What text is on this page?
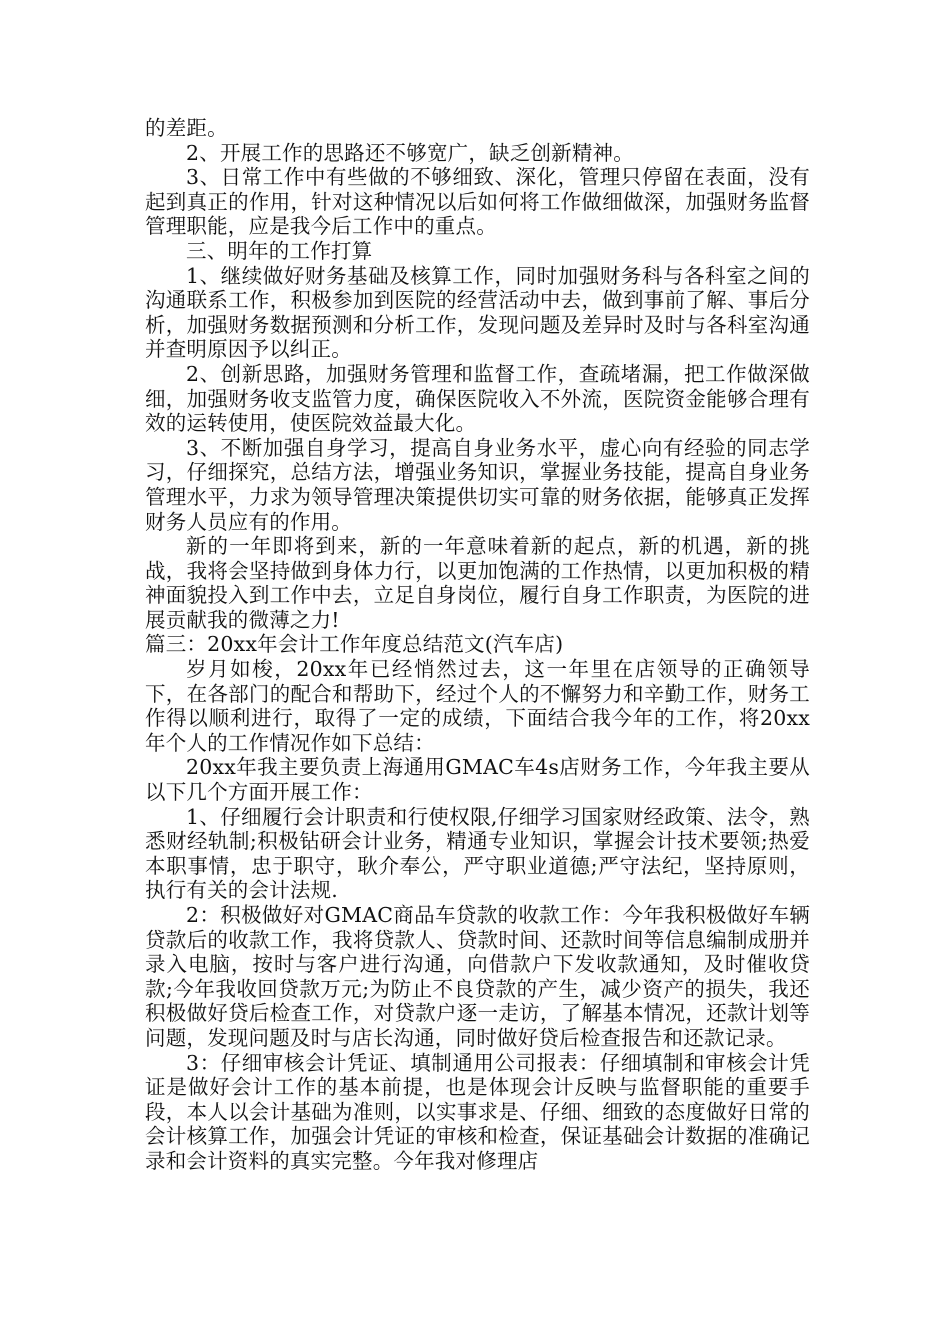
的差距。

2、开展工作的思路还不够宽广，缺乏创新精神。

3、日常工作中有些做的不够细致、深化，管理只停留在表面，没有起到真正的作用，针对这种情况以后如何将工作做细做深，加强财务监督管理职能，应是我今后工作中的重点。

三、明年的工作打算

1、继续做好财务基础及核算工作，同时加强财务科与各科室之间的沟通联系工作，积极参加到医院的经营活动中去，做到事前了解、事后分析，加强财务数据预测和分析工作，发现问题及差异时及时与各科室沟通并查明原因予以纠正。

2、创新思路，加强财务管理和监督工作，查疏堵漏，把工作做深做细，加强财务收支监管力度，确保医院收入不外流，医院资金能够合理有效的运转使用，使医院效益最大化。

3、不断加强自身学习，提高自身业务水平，虚心向有经验的同志学习，仔细探究，总结方法，增强业务知识，掌握业务技能，提高自身业务管理水平，力求为领导管理决策提供切实可靠的财务依据，能够真正发挥财务人员应有的作用。

新的一年即将到来，新的一年意味着新的起点，新的机遇，新的挑战，我将会坚持做到身体力行，以更加饱满的工作热情，以更加积极的精神面貌投入到工作中去，立足自身岗位，履行自身工作职责，为医院的进展贡献我的微薄之力!

篇三：20xx年会计工作年度总结范文(汽车店)

岁月如梭，20xx年已经悄然过去，这一年里在店领导的正确领导下，在各部门的配合和帮助下，经过个人的不懈努力和辛勤工作，财务工作得以顺利进行，取得了一定的成绩，下面结合我今年的工作，将20xx年个人的工作情况作如下总结：

20xx年我主要负责上海通用GMAC车4s店财务工作，今年我主要从以下几个方面开展工作：

1、仔细履行会计职责和行使权限,仔细学习国家财经政策、法令，熟悉财经轨制;积极钻研会计业务，精通专业知识，掌握会计技术要领;热爱本职事情，忠于职守，耿介奉公，严守职业道德;严守法纪，坚持原则，执行有关的会计法规.

2：积极做好对GMAC商品车贷款的收款工作：今年我积极做好车辆贷款后的收款工作，我将贷款人、贷款时间、还款时间等信息编制成册并录入电脑，按时与客户进行沟通，向借款户下发收款通知，及时催收贷款;今年我收回贷款万元;为防止不良贷款的产生，减少资产的损失，我还积极做好贷后检查工作，对贷款户逐一走访，了解基本情况，还款计划等问题，发现问题及时与店长沟通，同时做好贷后检查报告和还款记录。

3：仔细审核会计凭证、填制通用公司报表：仔细填制和审核会计凭证是做好会计工作的基本前提，也是体现会计反映与监督职能的重要手段，本人以会计基础为准则，以实事求是、仔细、细致的态度做好日常的会计核算工作，加强会计凭证的审核和检查，保证基础会计数据的准确记录和会计资料的真实完整。今年我对修理店
